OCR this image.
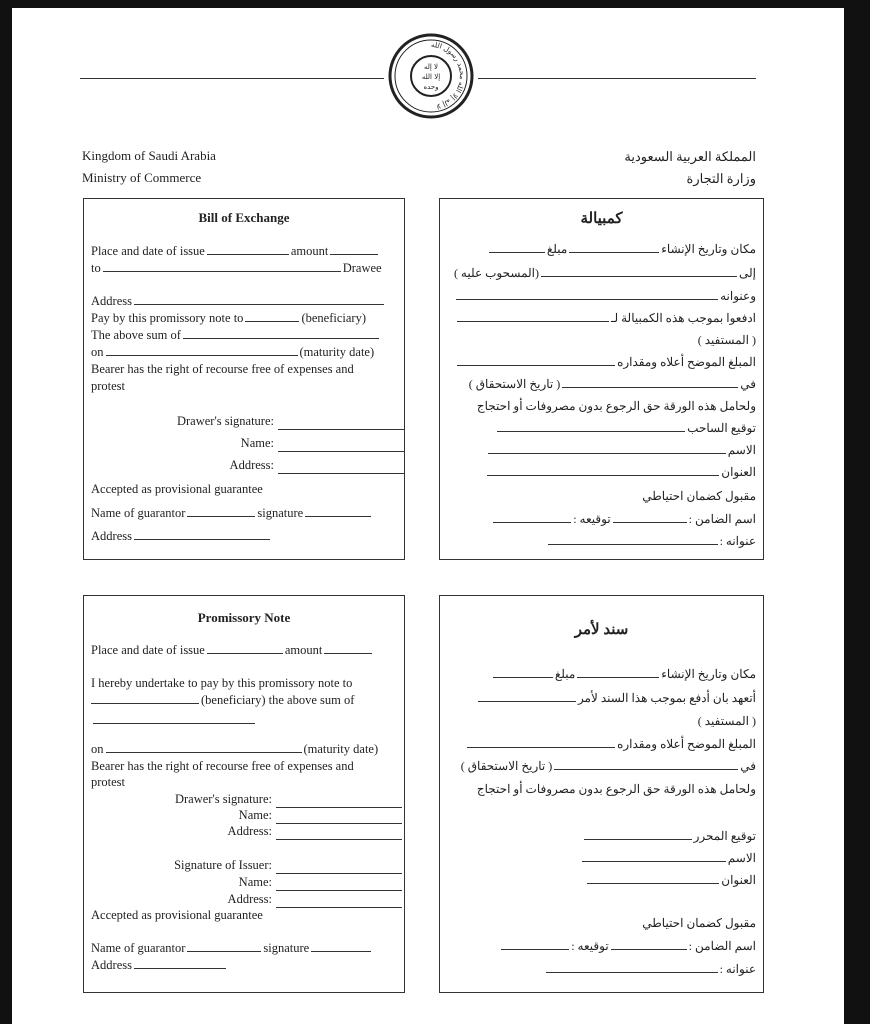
لا إله إلا الله محمد رسول الله
لا إله
إلا الله
وحده
Kingdom of Saudi Arabia
Ministry of Commerce
المملكة العربية السعودية
وزارة التجارة
Bill of Exchange
Place and date of issue	amount
to	Drawee
Address
Pay by this promissory note to	(beneficiary)
The above sum of
on	(maturity date)
Bearer has the right of recourse free of expenses and
protest
Drawer's signature:
Name:
Address:
Accepted as provisional guarantee
Name of guarantor	signature
Address
كمبيالة
مكان وتاريخ الإنشاءمبلغ
إلى(المسحوب عليه )
وعنوانه
ادفعوا بموجب هذه الكمبيالة لـ
( المستفيد )
المبلغ الموضح أعلاه ومقداره
في( تاريخ الاستحقاق )
ولحامل هذه الورقة حق الرجوع بدون مصروفات أو احتجاج
توقيع الساحب
الاسم
العنوان
مقبول كضمان احتياطي
اسم الضامن :توقيعه :
عنوانه :
Promissory Note
Place and date of issue	amount
I hereby undertake to pay by this promissory note to
(beneficiary) the above sum of
on	(maturity date)
Bearer has the right of recourse free of expenses and
protest
Drawer's signature:
Name:
Address:
Signature of Issuer:
Name:
Address:
Accepted as provisional guarantee
Name of guarantor	signature
Address
سند لأمر
مكان وتاريخ الإنشاءمبلغ
أتعهد بان أدفع بموجب هذا السند لأمر
( المستفيد )
المبلغ الموضح أعلاه ومقداره
في( تاريخ الاستحقاق )
ولحامل هذه الورقة حق الرجوع بدون مصروفات أو احتجاج
توقيع المحرر
الاسم
العنوان
مقبول كضمان احتياطي
اسم الضامن :توقيعه :
عنوانه :
